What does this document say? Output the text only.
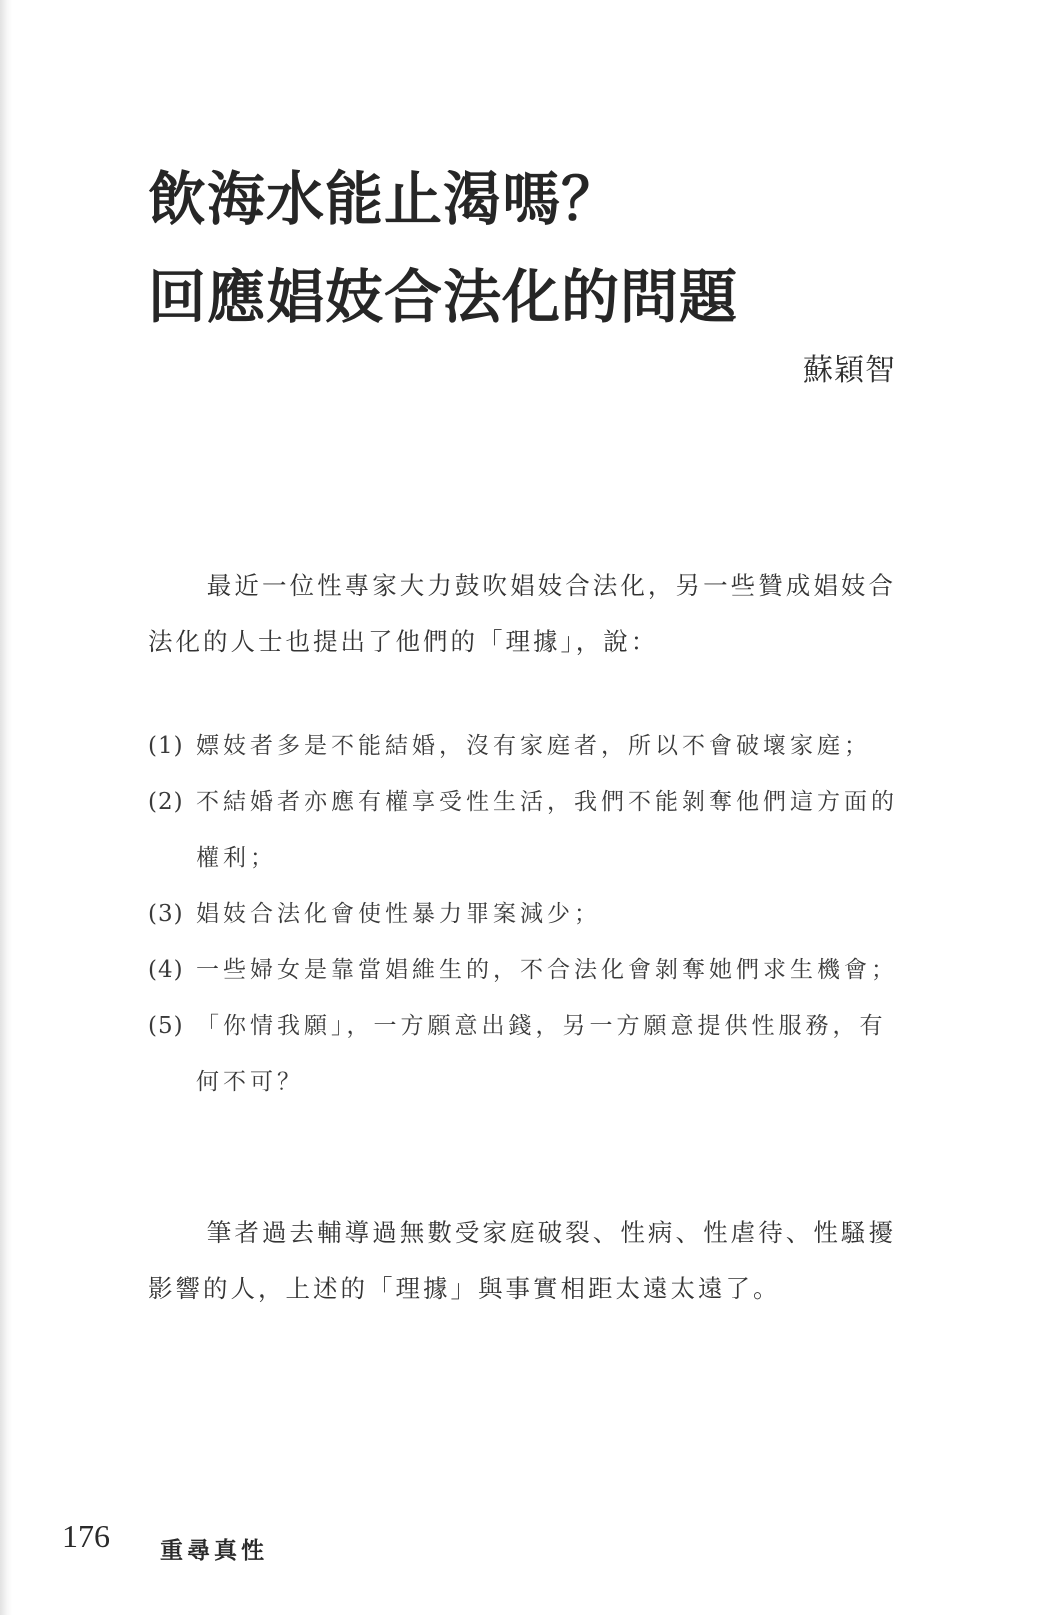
飲海水能止渴嗎？
回應娼妓合法化的問題
蘇穎智

最近一位性專家大力鼓吹娼妓合法化，另一些贊成娼妓合法化的人士也提出了他們的「理據」，說：

(1) 嫖妓者多是不能結婚，沒有家庭者，所以不會破壞家庭；
(2) 不結婚者亦應有權享受性生活，我們不能剝奪他們這方面的權利；
(3) 娼妓合法化會使性暴力罪案減少；
(4) 一些婦女是靠當娼維生的，不合法化會剝奪她們求生機會；
(5) 「你情我願」，一方願意出錢，另一方願意提供性服務，有何不可？

筆者過去輔導過無數受家庭破裂、性病、性虐待、性騷擾影響的人，上述的「理據」與事實相距太遠太遠了。

176 重尋真性
